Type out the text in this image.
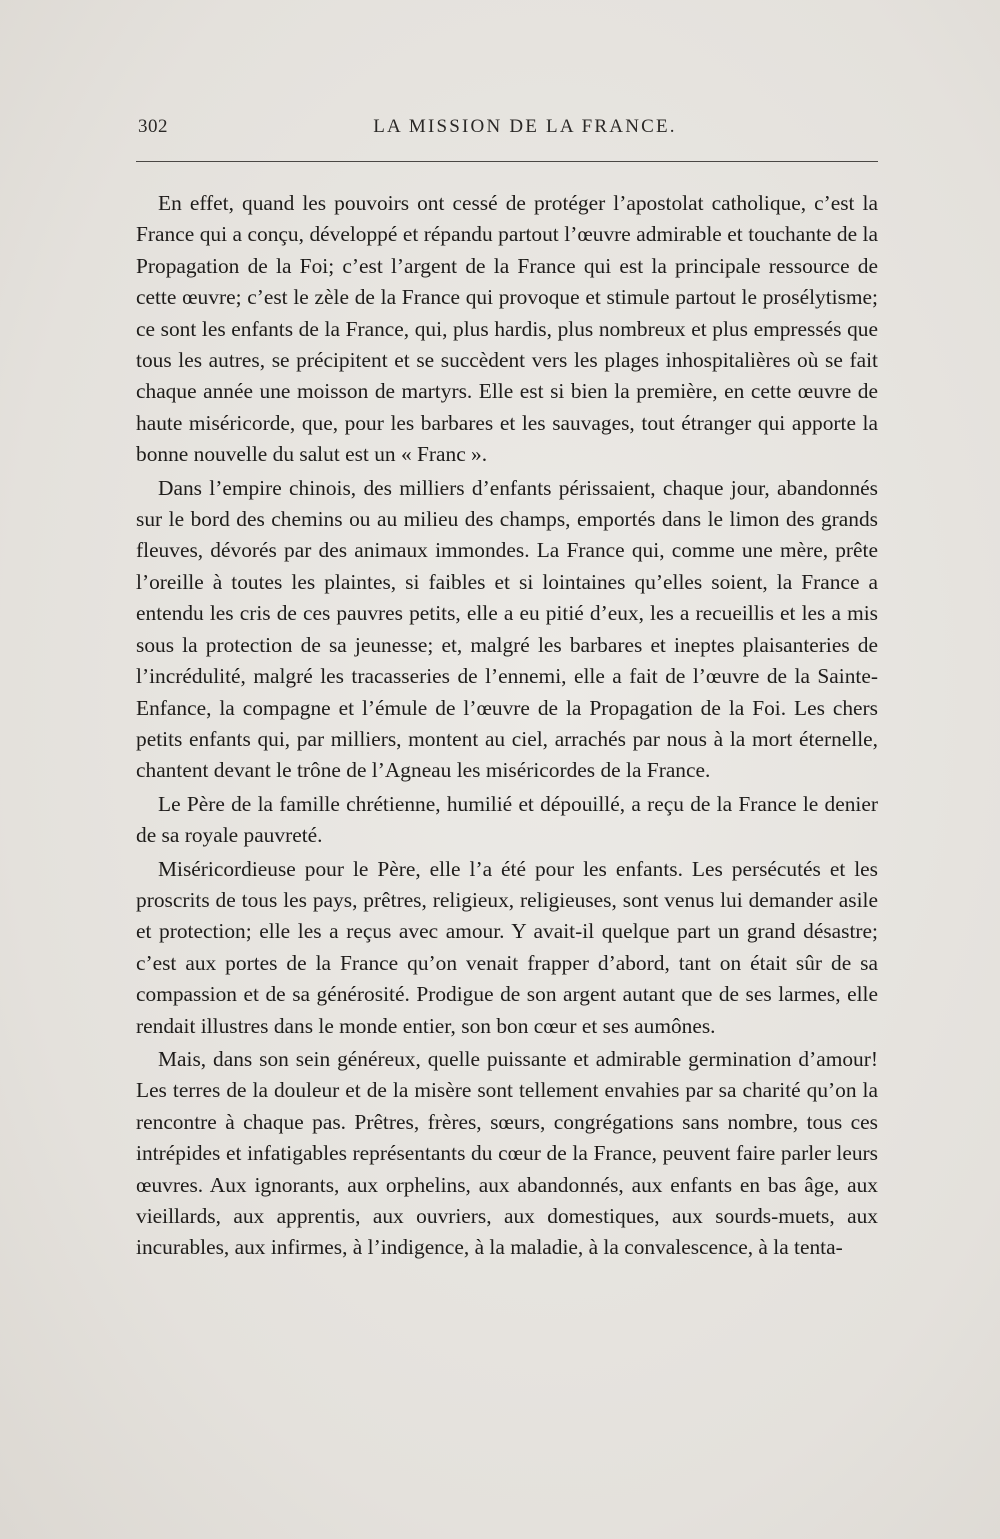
302	LA MISSION DE LA FRANCE.

En effet, quand les pouvoirs ont cessé de protéger l’apostolat catholique, c’est la France qui a conçu, développé et répandu partout l’œuvre admirable et touchante de la Propagation de la Foi; c’est l’argent de la France qui est la principale ressource de cette œuvre; c’est le zèle de la France qui provoque et stimule partout le prosélytisme; ce sont les enfants de la France, qui, plus hardis, plus nombreux et plus empressés que tous les autres, se précipitent et se succèdent vers les plages inhospitalières où se fait chaque année une moisson de martyrs. Elle est si bien la première, en cette œuvre de haute miséricorde, que, pour les barbares et les sauvages, tout étranger qui apporte la bonne nouvelle du salut est un « Franc ».

Dans l’empire chinois, des milliers d’enfants périssaient, chaque jour, abandonnés sur le bord des chemins ou au milieu des champs, emportés dans le limon des grands fleuves, dévorés par des animaux immondes. La France qui, comme une mère, prête l’oreille à toutes les plaintes, si faibles et si lointaines qu’elles soient, la France a entendu les cris de ces pauvres petits, elle a eu pitié d’eux, les a recueillis et les a mis sous la protection de sa jeunesse; et, malgré les barbares et ineptes plaisanteries de l’incrédulité, malgré les tracasseries de l’ennemi, elle a fait de l’œuvre de la Sainte-Enfance, la compagne et l’émule de l’œuvre de la Propagation de la Foi. Les chers petits enfants qui, par milliers, montent au ciel, arrachés par nous à la mort éternelle, chantent devant le trône de l’Agneau les miséricordes de la France.

Le Père de la famille chrétienne, humilié et dépouillé, a reçu de la France le denier de sa royale pauvreté.

Miséricordieuse pour le Père, elle l’a été pour les enfants. Les persécutés et les proscrits de tous les pays, prêtres, religieux, religieuses, sont venus lui demander asile et protection; elle les a reçus avec amour. Y avait-il quelque part un grand désastre; c’est aux portes de la France qu’on venait frapper d’abord, tant on était sûr de sa compassion et de sa générosité. Prodigue de son argent autant que de ses larmes, elle rendait illustres dans le monde entier, son bon cœur et ses aumônes.

Mais, dans son sein généreux, quelle puissante et admirable germination d’amour! Les terres de la douleur et de la misère sont tellement envahies par sa charité qu’on la rencontre à chaque pas. Prêtres, frères, sœurs, congrégations sans nombre, tous ces intrépides et infatigables représentants du cœur de la France, peuvent faire parler leurs œuvres. Aux ignorants, aux orphelins, aux abandonnés, aux enfants en bas âge, aux vieillards, aux apprentis, aux ouvriers, aux domestiques, aux sourds-muets, aux incurables, aux infirmes, à l’indigence, à la maladie, à la convalescence, à la tenta-
